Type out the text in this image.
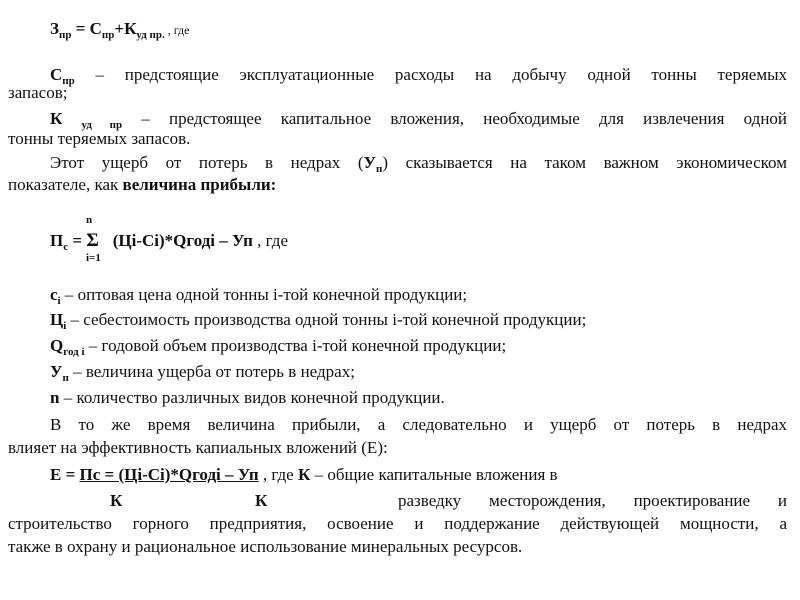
$З_{пр} = С_{пр}+К_{уд пр.}$ , где
$С_{пр}$ – предстоящие эксплуатационные расходы на добычу одной тонны теряемых
запасов;
К $_{уд пр}$ – предстоящее капитальное вложения, необходимые для извлечения одной
тонны теряемых запасов.
Этот ущерб от потерь в недрах $(У_п)$ сказывается на таком важном экономическом
показателе, как величина прибыли:
n
i=1
$П_с = \Sigma$ (Цi-Сi)*Qгодi – Уп , где
$c_i$ – оптовая цена одной тонны i-той конечной продукции;
$Ц_i$ – себестоимость производства одной тонны i-той конечной продукции;
$Q_{год i}$ – годовой объем производства i-той конечной продукции;
$У_п$ – величина ущерба от потерь в недрах;
n – количество различных видов конечной продукции.
В то же время величина прибыли, а следовательно и ущерб от потерь в недрах
влияет на эффективность капиальных вложений (Е):
Е = Пс = (Цi-Сi)*Qгодi – Уп , где К – общие капитальные вложения в
К	К	разведку месторождения, проектирование и
строительство горного предприятия, освоение и поддержание действующей мощности, а
также в охрану и рациональное использование минеральных ресурсов.
